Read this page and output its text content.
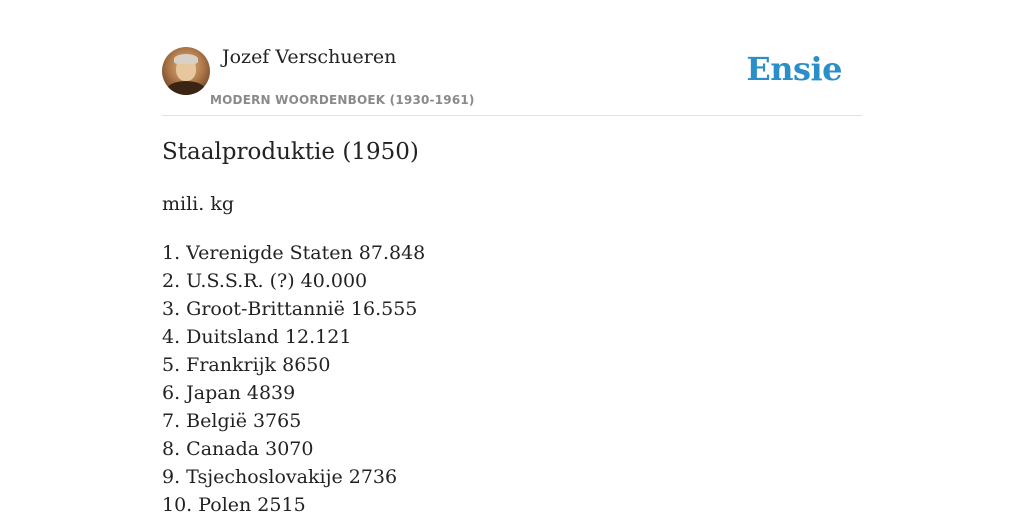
Jozef Verschueren
MODERN WOORDENBOEK (1930-1961)
Ensie
Staalproduktie (1950)
mili. kg
1. Verenigde Staten 87.848
2. U.S.S.R. (?) 40.000
3. Groot-Brittannië 16.555
4. Duitsland 12.121
5. Frankrijk 8650
6. Japan 4839
7. België 3765
8. Canada 3070
9. Tsjechoslovakije 2736
10. Polen 2515
